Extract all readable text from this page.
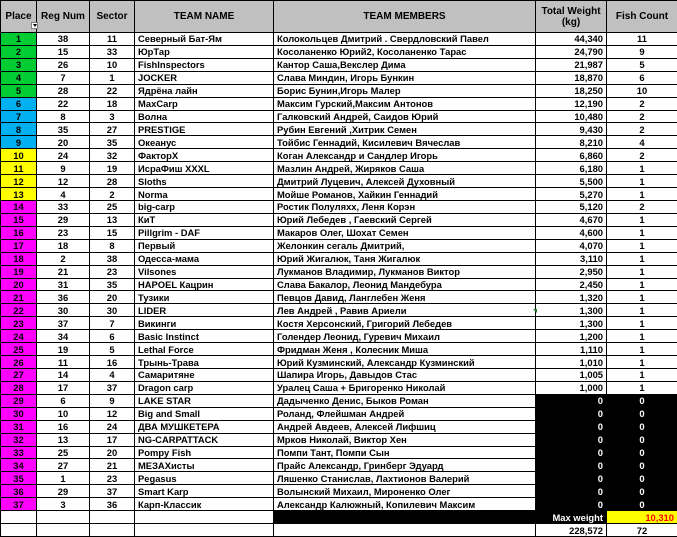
Place	Reg Num	Sector	TEAM NAME	TEAM MEMBERS	Total Weight (kg)	Fish Count
1	38	11	Северный Бат-Ям	Колокольцев Дмитрий . Свердловский Павел	44,340	11
2	15	33	ЮрТар	Косоланенко Юрий2, Косоланенко Тарас	24,790	9
3	26	10	FishInspectors	Кантор Саша,Векслер Дима	21,987	5
4	7	1	JOCKER	Слава Миндин, Игорь Бункин	18,870	6
5	28	22	Ядрёна лайн	Борис Бунин,Игорь Малер	18,250	10
6	22	18	МахCarp	Максим Гурский,Максим Антонов	12,190	2
7	8	3	Волна	Галковский Андрей, Саидов Юрий	10,480	2
8	35	27	PRESTIGE	Рубин Евгений ,Хитрик Семен	9,430	2
9	20	35	Океанус	Тойбис Геннадий, Кисилевич Вячеслав	8,210	4
10	24	32	ФакторХ	Коган Александр и Сандлер Игорь	6,860	2
11	9	19	ИсраФиш XXXL	Мазлин Андрей, Жиряков Саша	6,180	1
12	12	28	Sloths	Дмитрий Луцевич, Алексей Духовный	5,500	1
13	4	2	Norma	Мойше Романов, Хайкин Геннадий	5,270	1
14	33	25	big-carp	Ростик Полуляхх, Леня Корэн	5,120	2
15	29	13	КиТ	Юрий Лебедев , Гаевский Сергей	4,670	1
16	23	15	Pillgrim - DAF	Макаров Олег, Шохат Семен	4,600	1
17	18	8	Первый	Желонкин сегаль Дмитрий,	4,070	1
18	2	38	Одесса-мама	Юрий Жигалюк, Таня Жигалюк	3,110	1
19	21	23	Vilsones	Лукманов Владимир, Лукманов Виктор	2,950	1
20	31	35	HAPOEL Кацрин	Слава Бакалор, Леонид Мандебура	2,450	1
21	36	20	Тузики	Певцов Давид, Ланглебен Женя	1,320	1
22	30	30	LIDER	Лев Андрей , Равив Ариели	1,300	1
23	37	7	Викинги	Костя Херсонский, Григорий Лебедев	1,300	1
24	34	6	Basic Instinct	Голендер Леонид, Гуревич Михаил	1,200	1
25	19	5	Lethal Force	Фридман Женя , Колесник Миша	1,110	1
26	11	16	Трынь-Трава	Юрий Кузминский, Александр Кузминский	1,010	1
27	14	4	Самаритяне	Шапира Игорь, Давыдов Стас	1,005	1
28	17	37	Dragon carp	Уралец Саша + Бригоренко Николай	1,000	1
29	6	9	LAKE STAR	Дадыченко Денис, Быков Роман	0	0
30	10	12	Big and Small	Роланд, Флейшман Андрей	0	0
31	16	24	ДВА МУШКЕТЕРА	Андрей Авдеев, Алексей Лифшиц	0	0
32	13	17	NG-CARPATTACK	Мрков Николай, Виктор Хен	0	0
33	25	20	Pompy Fish	Помпи Тант, Помпи Сын	0	0
34	27	21	МЕЗАХисты	Прайс Александр, Гринберг Эдуард	0	0
35	1	23	Pegasus	Ляшенко Станислав, Лахтионов Валерий	0	0
36	29	37	Smart Karp	Волынский Михаил, Мироненко Олег	0	0
37	3	36	Карп-Классик	Александр Калюжный, Копилевич Максим	0	0
				Max weight		10,310
					228,572	72
